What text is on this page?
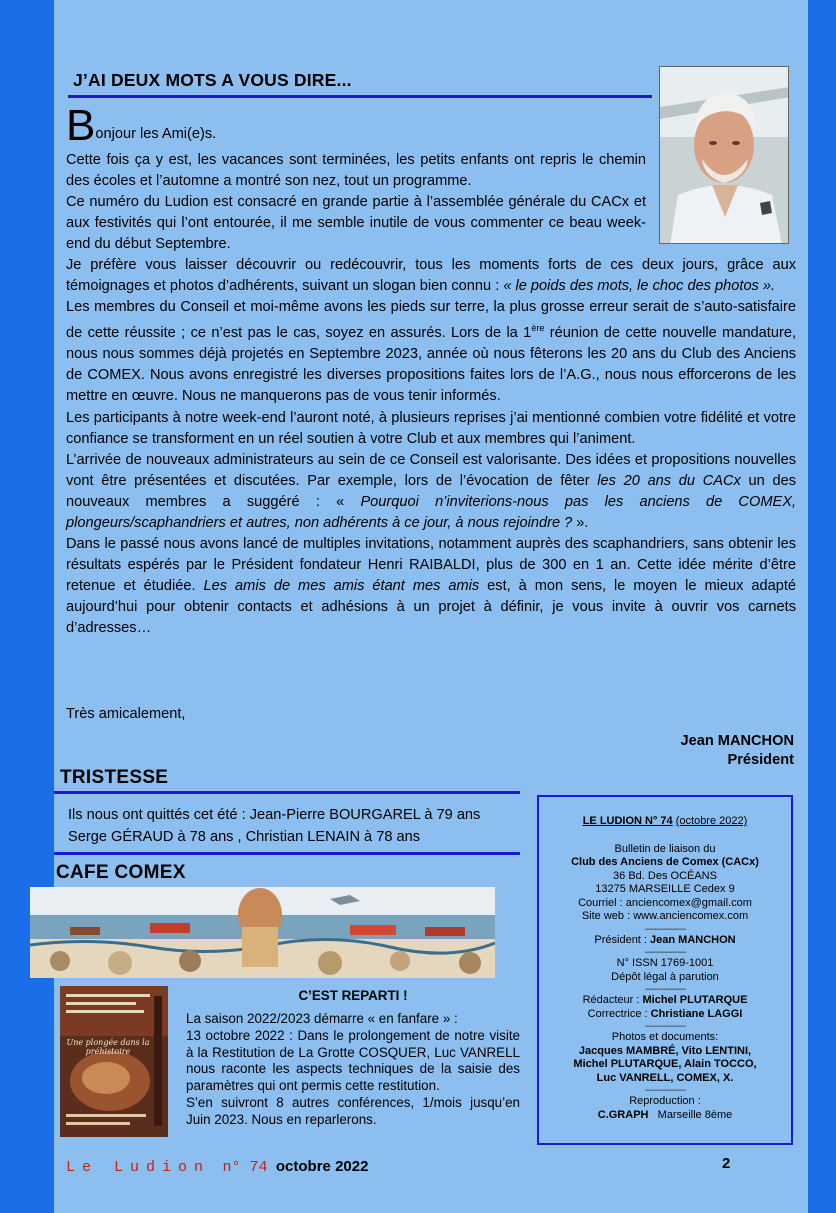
J’AI DEUX MOTS A VOUS DIRE...
Bonjour les Ami(e)s.
Cette fois ça y est, les vacances sont terminées, les petits enfants ont repris le chemin des écoles et l’automne a montré son nez, tout un programme.
Ce numéro du Ludion est consacré en grande partie à l’assemblée générale du CACx et aux festivités qui l’ont entourée, il me semble inutile de vous commenter ce beau week-end du début Septembre.
Je préfère vous laisser découvrir ou redécouvrir, tous les moments forts de ces deux jours, grâce aux témoignages et photos d’adhérents, suivant un slogan bien connu : « le poids des mots, le choc des photos ».
Les membres du Conseil et moi-même avons les pieds sur terre, la plus grosse erreur serait de s’auto-satisfaire de cette réussite ; ce n’est pas le cas, soyez en assurés. Lors de la 1ère réunion de cette nouvelle mandature, nous nous sommes déjà projetés en Septembre 2023, année où nous fêterons les 20 ans du Club des Anciens de COMEX. Nous avons enregistré les diverses propositions faites lors de l’A.G., nous nous efforcerons de les mettre en œuvre. Nous ne manquerons pas de vous tenir informés.
Les participants à notre week-end l’auront noté, à plusieurs reprises j’ai mentionné combien votre fidélité et votre confiance se transforment en un réel soutien à votre Club et aux membres qui l’animent.
L’arrivée de nouveaux administrateurs au sein de ce Conseil est valorisante. Des idées et propositions nouvelles vont être présentées et discutées. Par exemple, lors de l’évocation de fêter les 20 ans du CACx un des nouveaux membres a suggéré : « Pourquoi n’inviterions-nous pas les anciens de COMEX, plongeurs/scaphandriers et autres, non adhérents à ce jour, à nous rejoindre ? ».
Dans le passé nous avons lancé de multiples invitations, notamment auprès des scaphandriers, sans obtenir les résultats espérés par le Président fondateur Henri RAIBALDI, plus de 300 en 1 an. Cette idée mérite d’être retenue et étudiée. Les amis de mes amis étant mes amis est, à mon sens, le moyen le mieux adapté aujourd’hui pour obtenir contacts et adhésions à un projet à définir, je vous invite à ouvrir vos carnets d’adresses…
Très amicalement,
Jean MANCHON
Président
TRISTESSE
Ils nous ont quittés cet été : Jean-Pierre BOURGAREL à 79 ans
Serge GÉRAUD à 78 ans , Christian LENAIN à 78 ans
LE LUDION N° 74 (octobre 2022)
Bulletin de liaison du
Club des Anciens de Comex (CACx)
36 Bd. Des OCÉANS
13275 MARSEILLE Cedex 9
Courriel : anciencomex@gmail.com
Site web : www.anciencomex.com
————
Président : Jean MANCHON
————
N° ISSN 1769-1001
Dépôt légal à parution
————
Rédacteur : Michel PLUTARQUE
Correctrice : Christiane LAGGI
————
Photos et documents:
Jacques MAMBRÉ, Vito LENTINI,
Michel PLUTARQUE, Alain TOCCO,
Luc VANRELL, COMEX, X.
————
Reproduction :
C.GRAPH Marseille 8ème
CAFE COMEX
Une plongée dans la préhistoire
C’EST REPARTI !
La saison 2022/2023 démarre « en fanfare » :
13 octobre 2022 : Dans le prolongement de notre visite à la Restitution de La Grotte COSQUER, Luc VANRELL nous raconte les aspects techniques de la saisie des paramètres qui ont permis cette restitution.
S’en suivront 8 autres conférences, 1/mois jusqu’en Juin 2023. Nous en reparlerons.
Le Ludion n° 74 octobre 2022	2
